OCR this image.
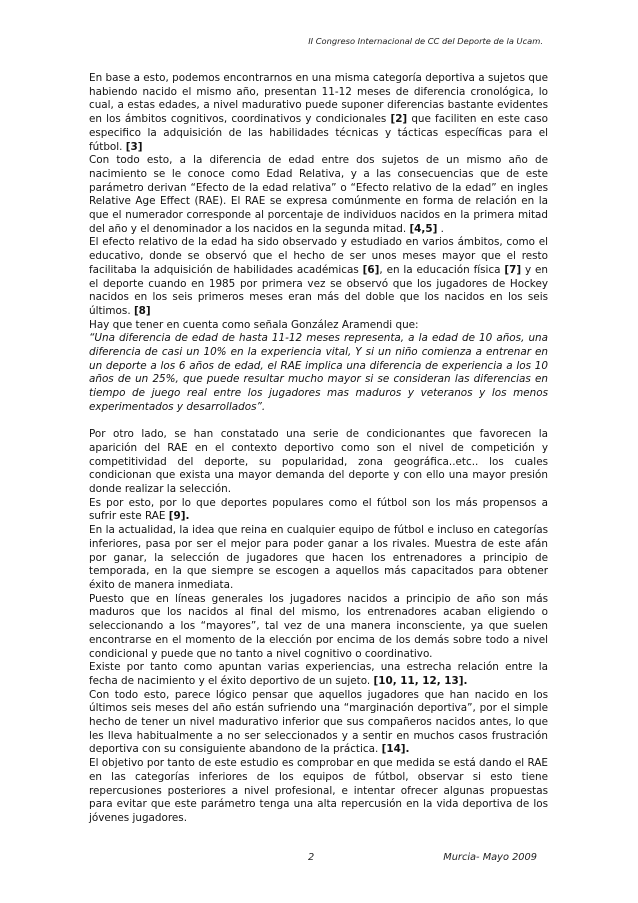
II Congreso Internacional de CC del Deporte de la Ucam.

En base a esto, podemos encontrarnos en una misma categoría deportiva a sujetos que habiendo nacido el mismo año, presentan 11-12 meses de diferencia cronológica, lo cual, a estas edades, a nivel madurativo puede suponer diferencias bastante evidentes en los ámbitos cognitivos, coordinativos y condicionales [2] que faciliten en este caso especifico la adquisición de las habilidades técnicas y tácticas específicas para el fútbol. [3]

Con todo esto, a la diferencia de edad entre dos sujetos de un mismo año de nacimiento se le conoce como Edad Relativa, y a las consecuencias que de este parámetro derivan “Efecto de la edad relativa” o “Efecto relativo de la edad” en ingles Relative Age Effect (RAE). El RAE se expresa comúnmente en forma de relación en la que el numerador corresponde al porcentaje de individuos nacidos en la primera mitad del año y el denominador a los nacidos en la segunda mitad. [4,5] .

El efecto relativo de la edad ha sido observado y estudiado en varios ámbitos, como el educativo, donde se observó que el hecho de ser unos meses mayor que el resto facilitaba la adquisición de habilidades académicas [6], en la educación física [7] y en el deporte cuando en 1985 por primera vez se observó que los jugadores de Hockey nacidos en los seis primeros meses eran más del doble que los nacidos en los seis últimos. [8]

Hay que tener en cuenta como señala González Aramendi que:

“Una diferencia de edad de hasta 11-12 meses representa, a la edad de 10 años, una diferencia de casi un 10% en la experiencia vital, Y si un niño comienza a entrenar en un deporte a los 6 años de edad, el RAE implica una diferencia de experiencia a los 10 años de un 25%, que puede resultar mucho mayor si se consideran las diferencias en tiempo de juego real entre los jugadores mas maduros y veteranos y los menos experimentados y desarrollados”.

Por otro lado, se han constatado una serie de condicionantes que favorecen la aparición del RAE en el contexto deportivo como son el nivel de competición y competitividad del deporte, su popularidad, zona geográfica..etc.. los cuales condicionan que exista una mayor demanda del deporte y con ello una mayor presión donde realizar la selección.

Es por esto, por lo que deportes populares como el fútbol son los más propensos a sufrir este RAE [9].

En la actualidad, la idea que reina en cualquier equipo de fútbol e incluso en categorías inferiores, pasa por ser el mejor para poder ganar a los rivales. Muestra de este afán por ganar, la selección de jugadores que hacen los entrenadores a principio de temporada, en la que siempre se escogen a aquellos más capacitados para obtener éxito de manera inmediata.

Puesto que en líneas generales los jugadores nacidos a principio de año son más maduros que los nacidos al final del mismo, los entrenadores acaban eligiendo o seleccionando a los “mayores”, tal vez de una manera inconsciente, ya que suelen encontrarse en el momento de la elección por encima de los demás sobre todo a nivel condicional y puede que no tanto a nivel cognitivo o coordinativo.

Existe por tanto como apuntan varias experiencias, una estrecha relación entre la fecha de nacimiento y el éxito deportivo de un sujeto. [10, 11, 12, 13].

Con todo esto, parece lógico pensar que aquellos jugadores que han nacido en los últimos seis meses del año están sufriendo una “marginación deportiva”, por el simple hecho de tener un nivel madurativo inferior que sus compañeros nacidos antes, lo que les lleva habitualmente a no ser seleccionados y a sentir en muchos casos frustración deportiva con su consiguiente abandono de la práctica. [14].

El objetivo por tanto de este estudio es comprobar en que medida se está dando el RAE en las categorías inferiores de los equipos de fútbol, observar si esto tiene repercusiones posteriores a nivel profesional, e intentar ofrecer algunas propuestas para evitar que este parámetro tenga una alta repercusión en la vida deportiva de los jóvenes jugadores.

2	Murcia- Mayo 2009
